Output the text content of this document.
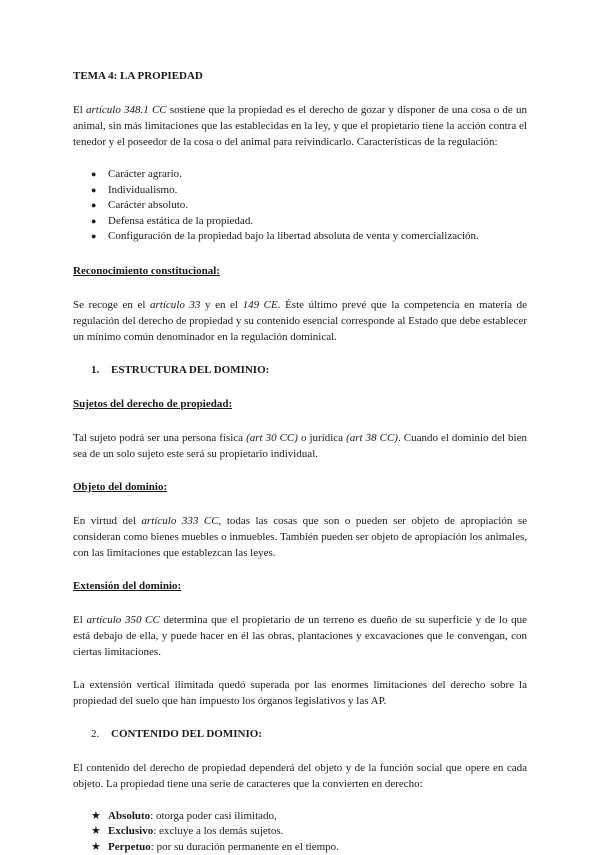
TEMA 4: LA PROPIEDAD

El artículo 348.1 CC sostiene que la propiedad es el derecho de gozar y disponer de una cosa o de un animal, sin más limitaciones que las establecidas en la ley, y que el propietario tiene la acción contra el tenedor y el poseedor de la cosa o del animal para reivindicarlo. Características de la regulación:

● Carácter agrario.
● Individualismo.
● Carácter absoluto.
● Defensa estática de la propiedad.
● Configuración de la propiedad bajo la libertad absoluta de venta y comercialización.
Reconocimiento constitucional:

Se recoge en el artículo 33 y en el 149 CE. Éste último prevé que la competencia en materia de regulación del derecho de propiedad y su contenido esencial corresponde al Estado que debe establecer un mínimo común denominador en la regulación dominical.

1. ESTRUCTURA DEL DOMINIO:
Sujetos del derecho de propiedad:

Tal sujeto podrá ser una persona física (art 30 CC) o jurídica (art 38 CC). Cuando el dominio del bien sea de un solo sujeto este será su propietario individual.

Objeto del dominio:

En virtud del artículo 333 CC, todas las cosas que son o pueden ser objeto de apropiación se consideran como bienes muebles o inmuebles. También pueden ser objeto de apropiación los animales, con las limitaciones que establezcan las leyes.

Extensión del dominio:

El artículo 350 CC determina que el propietario de un terreno es dueño de su superficie y de lo que está debajo de ella, y puede hacer en él las obras, plantaciones y excavaciones que le convengan, con ciertas limitaciones.

La extensión vertical ilimitada quedó superada por las enormes limitaciones del derecho sobre la propiedad del suelo que han impuesto los órganos legislativos y las AP.

2. CONTENIDO DEL DOMINIO:

El contenido del derecho de propiedad dependerá del objeto y de la función social que opere en cada objeto. La propiedad tiene una serie de caracteres que la convierten en derecho:

★ Absoluto: otorga poder casi ilimitado,
★ Exclusivo: excluye a los demás sujetos.
★ Perpetuo: por su duración permanente en el tiempo.
